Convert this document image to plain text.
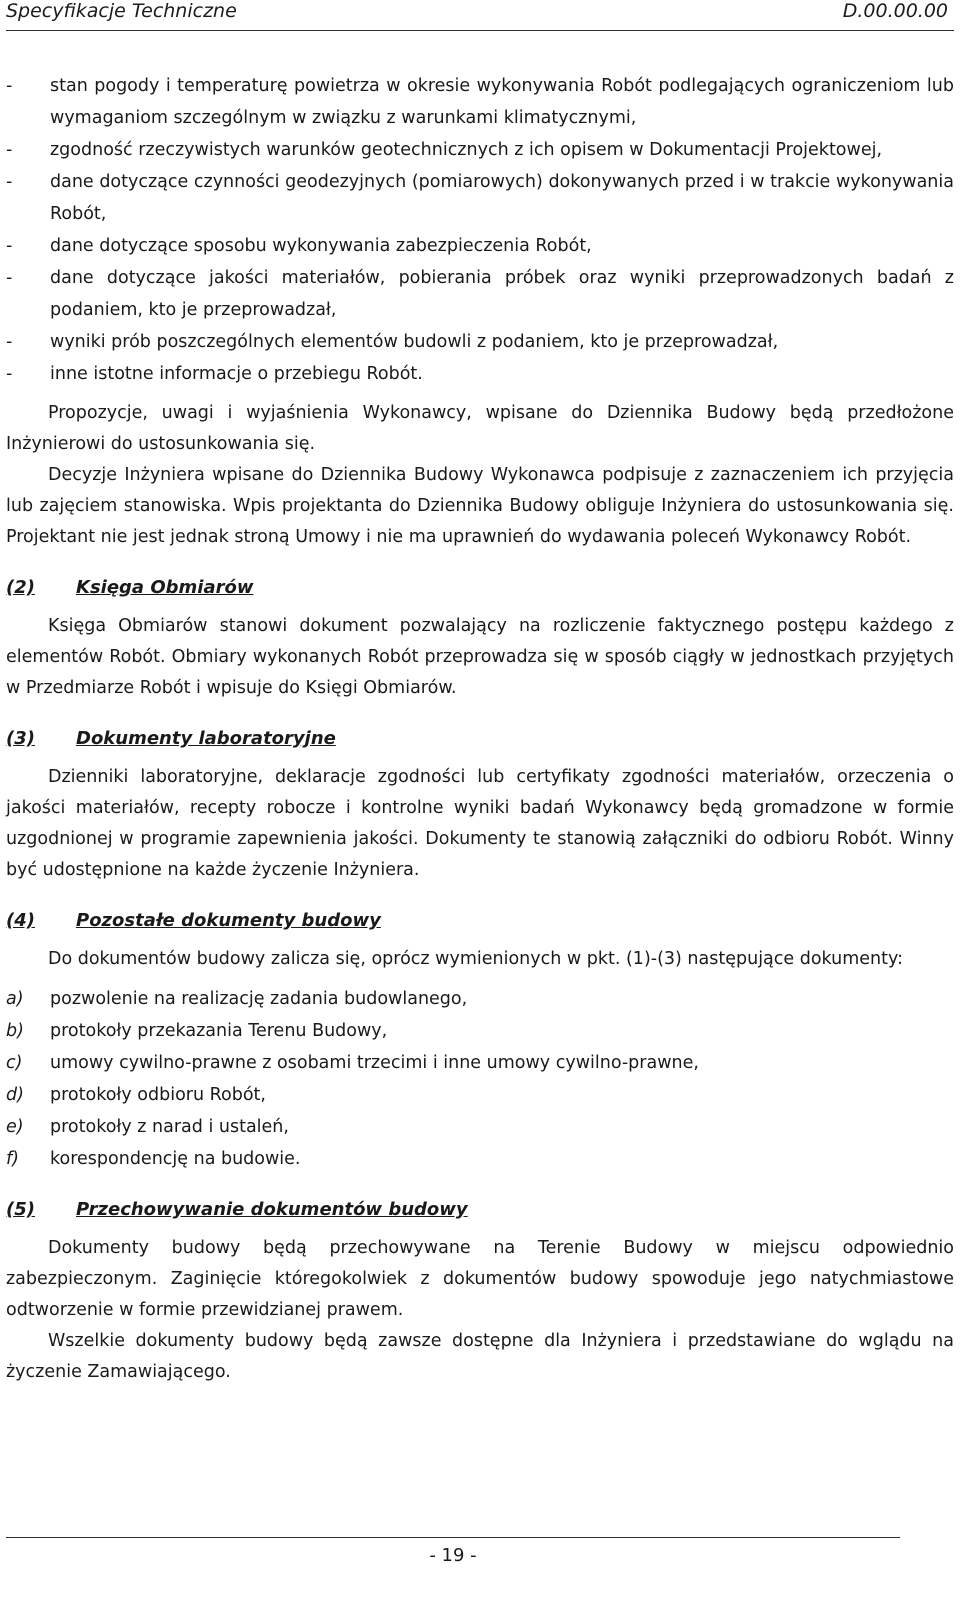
Specyfikacje Techniczne	D.00.00.00
-	stan pogody i temperaturę powietrza w okresie wykonywania Robót podlegających ograniczeniom lub wymaganiom szczególnym w związku z warunkami klimatycznymi,
-	zgodność rzeczywistych warunków geotechnicznych z ich opisem w Dokumentacji Projektowej,
-	dane dotyczące czynności geodezyjnych (pomiarowych) dokonywanych przed i w trakcie wykonywania Robót,
-	dane dotyczące sposobu wykonywania zabezpieczenia Robót,
-	dane dotyczące jakości materiałów, pobierania próbek oraz wyniki przeprowadzonych badań z podaniem, kto je przeprowadzał,
-	wyniki prób poszczególnych elementów budowli z podaniem, kto je przeprowadzał,
-	inne istotne informacje o przebiegu Robót.

Propozycje, uwagi i wyjaśnienia Wykonawcy, wpisane do Dziennika Budowy będą przedłożone Inżynierowi do ustosunkowania się.

Decyzje Inżyniera wpisane do Dziennika Budowy Wykonawca podpisuje z zaznaczeniem ich przyjęcia lub zajęciem stanowiska. Wpis projektanta do Dziennika Budowy obliguje Inżyniera do ustosunkowania się. Projektant nie jest jednak stroną Umowy i nie ma uprawnień do wydawania poleceń Wykonawcy Robót.

(2)	Księga Obmiarów

Księga Obmiarów stanowi dokument pozwalający na rozliczenie faktycznego postępu każdego z elementów Robót. Obmiary wykonanych Robót przeprowadza się w sposób ciągły w jednostkach przyjętych w Przedmiarze Robót i wpisuje do Księgi Obmiarów.

(3)	Dokumenty laboratoryjne

Dzienniki laboratoryjne, deklaracje zgodności lub certyfikaty zgodności materiałów, orzeczenia o jakości materiałów, recepty robocze i kontrolne wyniki badań Wykonawcy będą gromadzone w formie uzgodnionej w programie zapewnienia jakości. Dokumenty te stanowią załączniki do odbioru Robót. Winny być udostępnione na każde życzenie Inżyniera.

(4)	Pozostałe dokumenty budowy

Do dokumentów budowy zalicza się, oprócz wymienionych w pkt. (1)-(3) następujące dokumenty:

a)	pozwolenie na realizację zadania budowlanego,
b)	protokoły przekazania Terenu Budowy,
c)	umowy cywilno-prawne z osobami trzecimi i inne umowy cywilno-prawne,
d)	protokoły odbioru Robót,
e)	protokoły z narad i ustaleń,
f)	korespondencję na budowie.
(5)	Przechowywanie dokumentów budowy

Dokumenty budowy będą przechowywane na Terenie Budowy w miejscu odpowiednio zabezpieczonym. Zaginięcie któregokolwiek z dokumentów budowy spowoduje jego natychmiastowe odtworzenie w formie przewidzianej prawem.

Wszelkie dokumenty budowy będą zawsze dostępne dla Inżyniera i przedstawiane do wglądu na życzenie Zamawiającego.

- 19 -
